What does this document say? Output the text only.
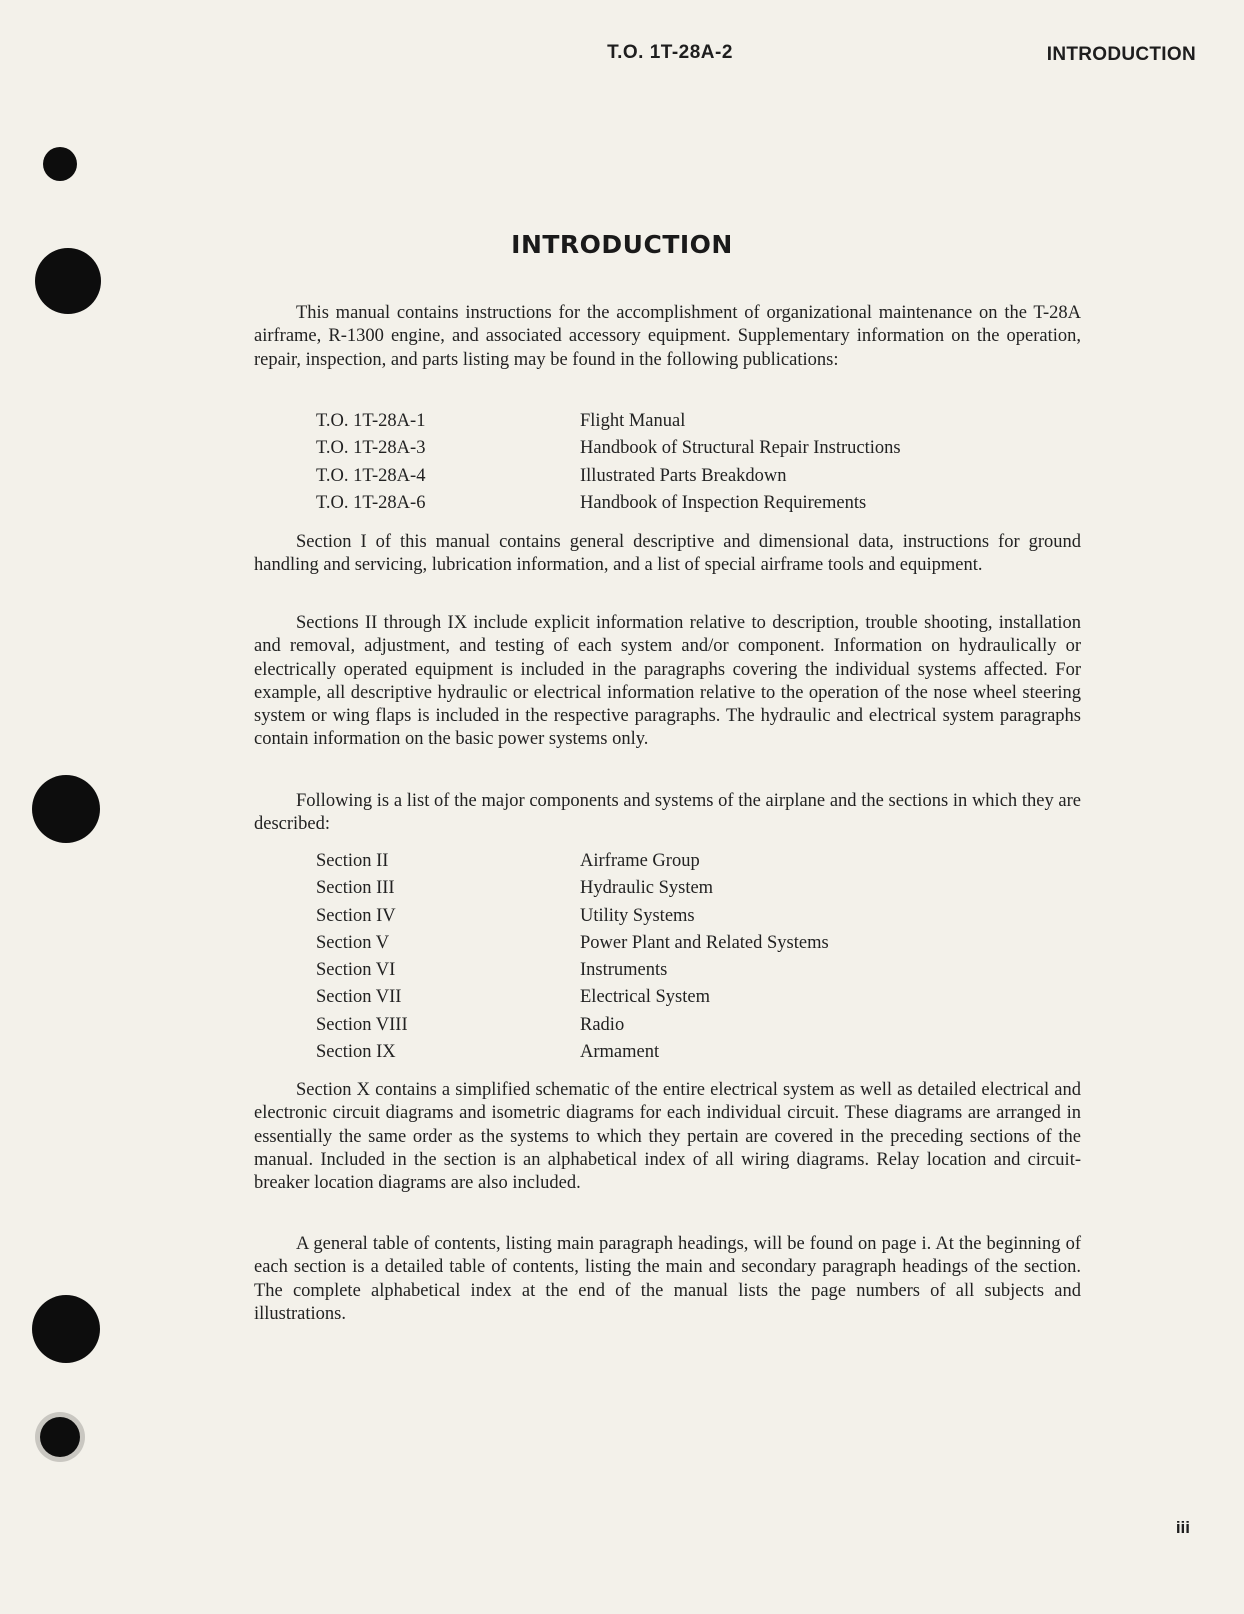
T.O. 1T-28A-2	INTRODUCTION
INTRODUCTION

This manual contains instructions for the accomplishment of organizational maintenance on the T-28A airframe, R-1300 engine, and associated accessory equipment. Supplementary information on the operation, repair, inspection, and parts listing may be found in the following publications:

T.O. 1T-28A-1	Flight Manual
T.O. 1T-28A-3	Handbook of Structural Repair Instructions
T.O. 1T-28A-4	Illustrated Parts Breakdown
T.O. 1T-28A-6	Handbook of Inspection Requirements

Section I of this manual contains general descriptive and dimensional data, instructions for ground handling and servicing, lubrication information, and a list of special airframe tools and equipment.

Sections II through IX include explicit information relative to description, trouble shooting, installation and removal, adjustment, and testing of each system and/or component. Information on hydraulically or electrically operated equipment is included in the paragraphs covering the individual systems affected. For example, all descriptive hydraulic or electrical information relative to the operation of the nose wheel steering system or wing flaps is included in the respective paragraphs. The hydraulic and electrical system paragraphs contain information on the basic power systems only.

Following is a list of the major components and systems of the airplane and the sections in which they are described:

Section II	Airframe Group
Section III	Hydraulic System
Section IV	Utility Systems
Section V	Power Plant and Related Systems
Section VI	Instruments
Section VII	Electrical System
Section VIII	Radio
Section IX	Armament

Section X contains a simplified schematic of the entire electrical system as well as detailed electrical and electronic circuit diagrams and isometric diagrams for each individual circuit. These diagrams are arranged in essentially the same order as the systems to which they pertain are covered in the preceding sections of the manual. Included in the section is an alphabetical index of all wiring diagrams. Relay location and circuit-breaker location diagrams are also included.

A general table of contents, listing main paragraph headings, will be found on page i. At the beginning of each section is a detailed table of contents, listing the main and secondary paragraph headings of the section. The complete alphabetical index at the end of the manual lists the page numbers of all subjects and illustrations.

iii
